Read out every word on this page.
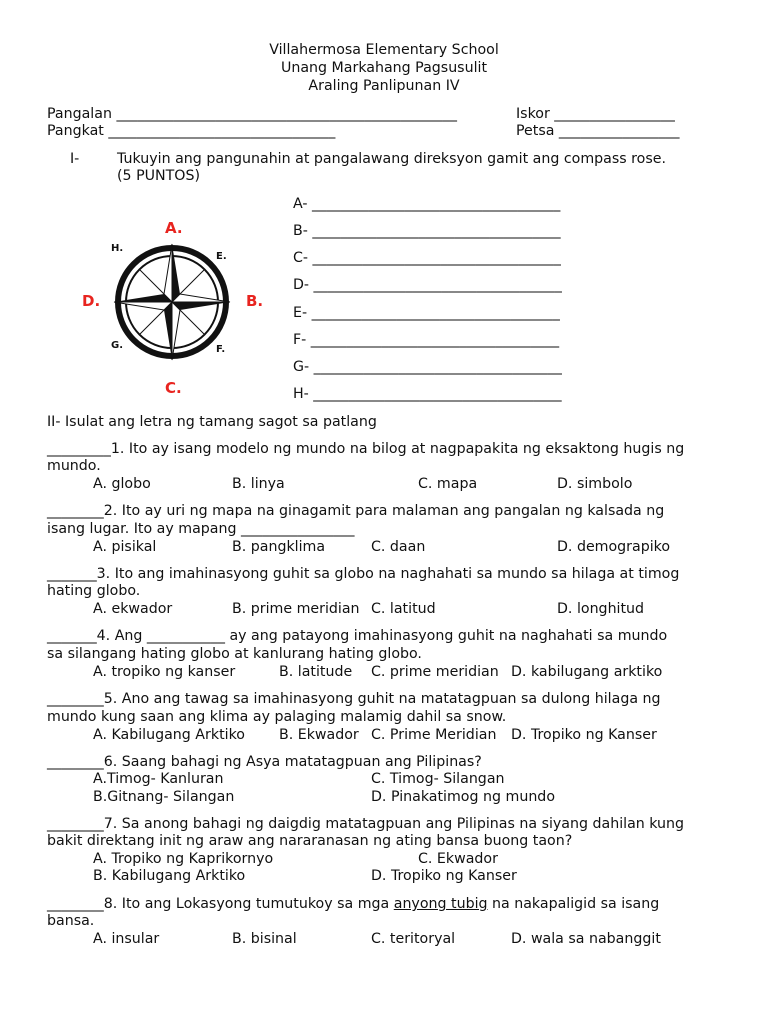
Villahermosa Elementary School
Unang Markahang Pagsusulit
Araling Panlipunan IV
Pangalan ________________________________________________	Iskor _________________
Pangkat ________________________________	Petsa _________________
I-	Tukuyin ang pangunahin at pangalawang direksyon gamit ang compass rose.
(5 PUNTOS)
A.
B.
C.
D.
E.
F.
G.
H.
A- ___________________________________
B- ___________________________________
C- ___________________________________
D- ___________________________________
E- ___________________________________
F- ___________________________________
G- ___________________________________
H- ___________________________________
II- Isulat ang letra ng tamang sagot sa patlang
_________1. Ito ay isang modelo ng mundo na bilog at nagpapakita ng eksaktong hugis ng
mundo.
A. globo	B. linya	C. mapa	D. simbolo
________2. Ito ay uri ng mapa na ginagamit para malaman ang pangalan ng kalsada ng
isang lugar. Ito ay mapang ________________
A. pisikal	B. pangklima	C. daan	D. demograpiko
_______3. Ito ang imahinasyong guhit sa globo na naghahati sa mundo sa hilaga at timog
hating globo.
A. ekwador	B. prime meridian C. latitud	D. longhitud
_______4. Ang ___________ ay ang patayong imahinasyong guhit na naghahati sa mundo
sa silangang hating globo at kanlurang hating globo.
A. tropiko ng kanser	B. latitude C. prime meridian D. kabilugang arktiko
________5. Ano ang tawag sa imahinasyong guhit na matatagpuan sa dulong hilaga ng
mundo kung saan ang klima ay palaging malamig dahil sa snow.
A. Kabilugang Arktiko B. Ekwador C. Prime Meridian D. Tropiko ng Kanser
________6. Saang bahagi ng Asya matatagpuan ang Pilipinas?
A.Timog- Kanluran	C. Timog- Silangan
B.Gitnang- Silangan	D. Pinakatimog ng mundo
________7. Sa anong bahagi ng daigdig matatagpuan ang Pilipinas na siyang dahilan kung
bakit direktang init ng araw ang nararanasan ng ating bansa buong taon?
A. Tropiko ng Kaprikornyo	C. Ekwador
B. Kabilugang Arktiko	D. Tropiko ng Kanser
________8. Ito ang Lokasyong tumutukoy sa mga anyong tubig na nakapaligid sa isang
bansa.
A. insular	B. bisinal	C. teritoryal	D. wala sa nabanggit
